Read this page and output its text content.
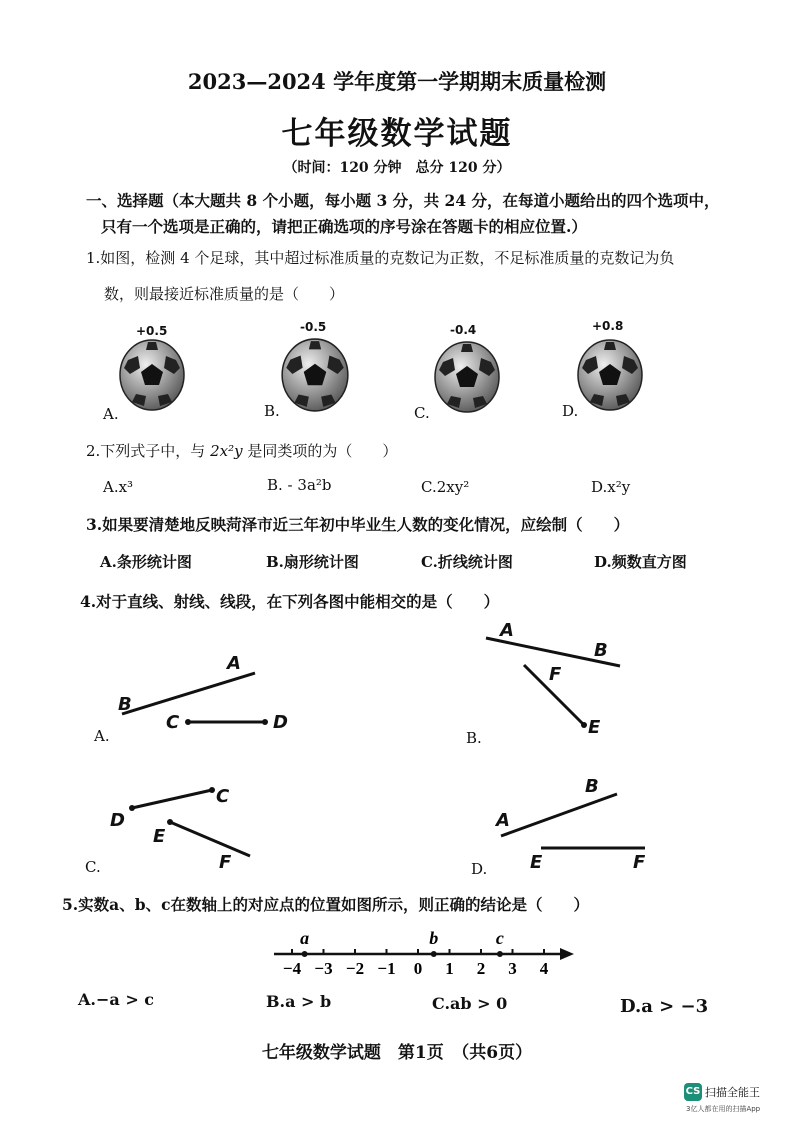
2023—2024 学年度第一学期期末质量检测
七年级数学试题
（时间：120 分钟　总分 120 分）
一、选择题（本大题共 8 个小题，每小题 3 分，共 24 分，在每道小题给出的四个选项中，
只有一个选项是正确的，请把正确选项的序号涂在答题卡的相应位置.）
1.如图，检测 4 个足球，其中超过标准质量的克数记为正数，不足标准质量的克数记为负
数，则最接近标准质量的是（　　）
+0.5	-0.5	-0.4	+0.8
A.	B.	C.	D.
2.下列式子中，与 2x²y 是同类项的为（　　）
A.x³	B. - 3a²b	C.2xy²	D.x²y
3.如果要清楚地反映菏泽市近三年初中毕业生人数的变化情况，应绘制（　　）
A.条形统计图	B.扇形统计图	C.折线统计图	D.频数直方图
4.对于直线、射线、线段，在下列各图中能相交的是（　　）
A
B
C	D
A.
A
B
F
E
B.
C
D
E
F
C.
B
A
E	F
D.
5.实数a、b、c在数轴上的对应点的位置如图所示，则正确的结论是（　　）
−4 −3 −2 −1 0 1 2 3 4
a	b	c
A.−a > c	B.a > b	C.ab > 0	D.a > −3
七年级数学试题　第1页　（共6页）
CS 扫描全能王
3亿人都在用的扫描App
